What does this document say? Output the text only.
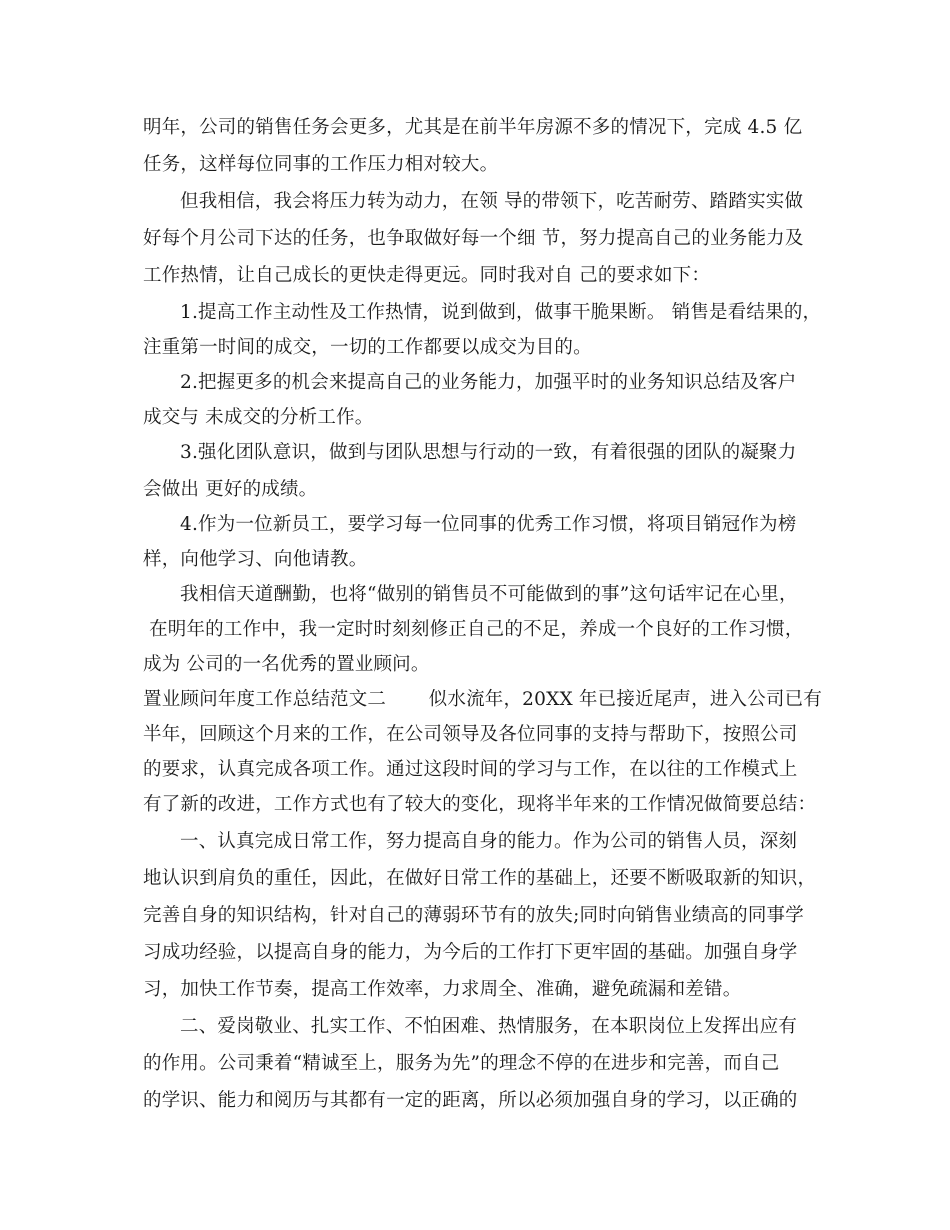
明年，公司的销售任务会更多，尤其是在前半年房源不多的情况下，完成 4.5 亿
任务，这样每位同事的工作压力相对较大。
但我相信，我会将压力转为动力，在领 导的带领下，吃苦耐劳、踏踏实实做
好每个月公司下达的任务，也争取做好每一个细 节，努力提高自己的业务能力及
工作热情，让自己成长的更快走得更远。同时我对自 己的要求如下：
1.提高工作主动性及工作热情，说到做到，做事干脆果断。 销售是看结果的，
注重第一时间的成交，一切的工作都要以成交为目的。
2.把握更多的机会来提高自己的业务能力，加强平时的业务知识总结及客户
成交与 未成交的分析工作。
3.强化团队意识，做到与团队思想与行动的一致，有着很强的团队的凝聚力
会做出 更好的成绩。
4.作为一位新员工，要学习每一位同事的优秀工作习惯，将项目销冠作为榜
样，向他学习、向他请教。
我相信天道酬勤，也将“做别的销售员不可能做到的事”这句话牢记在心里，
在明年的工作中，我一定时时刻刻修正自己的不足，养成一个良好的工作习惯，
成为 公司的一名优秀的置业顾问。
置业顾问年度工作总结范文二       似水流年，20XX 年已接近尾声，进入公司已有
半年，回顾这个月来的工作，在公司领导及各位同事的支持与帮助下，按照公司
的要求，认真完成各项工作。通过这段时间的学习与工作，在以往的工作模式上
有了新的改进，工作方式也有了较大的变化，现将半年来的工作情况做简要总结：
一、认真完成日常工作，努力提高自身的能力。作为公司的销售人员，深刻
地认识到肩负的重任，因此，在做好日常工作的基础上，还要不断吸取新的知识，
完善自身的知识结构，针对自己的薄弱环节有的放失;同时向销售业绩高的同事学
习成功经验，以提高自身的能力，为今后的工作打下更牢固的基础。加强自身学
习，加快工作节奏，提高工作效率，力求周全、准确，避免疏漏和差错。
二、爱岗敬业、扎实工作、不怕困难、热情服务，在本职岗位上发挥出应有
的作用。公司秉着“精诚至上，服务为先”的理念不停的在进步和完善，而自己
的学识、能力和阅历与其都有一定的距离，所以必须加强自身的学习，以正确的
